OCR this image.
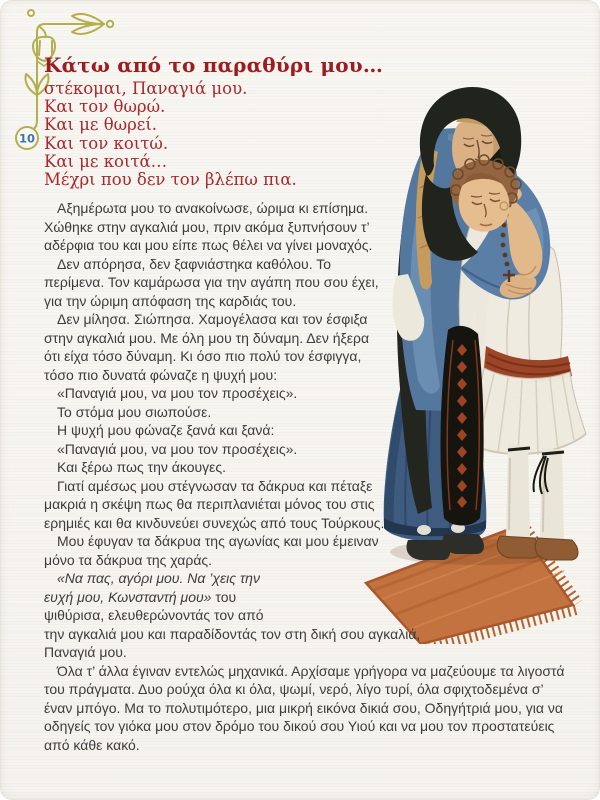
10
Κάτω από το παραθύρι μου…
στέκομαι, Παναγιά μου.
Και τον θωρώ.
Και με θωρεί.
Και τον κοιτώ.
Και με κοιτά…
Μέχρι που δεν τον βλέπω πια.

Αξημέρωτα μου το ανακοίνωσε, ώριμα κι επίσημα. Χώθηκε στην αγκαλιά μου, πριν ακόμα ξυπνήσουν τ’ αδέρφια του και μου είπε πως θέλει να γίνει μοναχός.

Δεν απόρησα, δεν ξαφνιάστηκα καθόλου. Το περίμενα. Τον καμάρωσα για την αγάπη που σου έχει, για την ώριμη απόφαση της καρδιάς του.

Δεν μίλησα. Σιώπησα. Χαμογέλασα και τον έσφιξα στην αγκαλιά μου. Με όλη μου τη δύναμη. Δεν ήξερα ότι είχα τόσο δύναμη. Κι όσο πιο πολύ τον έσφιγγα, τόσο πιο δυνατά φώναζε η ψυχή μου:

«Παναγιά μου, να μου τον προσέχεις».

Το στόμα μου σιωπούσε.

Η ψυχή μου φώναζε ξανά και ξανά:

«Παναγιά μου, να μου τον προσέχεις».

Και ξέρω πως την άκουγες.

Γιατί αμέσως μου στέγνωσαν τα δάκρυα και πέταξε μακριά η σκέψη πως θα περιπλανιέται μόνος του στις ερημιές και θα κινδυνεύει συνεχώς από τους Τούρκους.

Μου έφυγαν τα δάκρυα της αγωνίας και μου έμειναν μόνο τα δάκρυα της χαράς.

«Να πας, αγόρι μου. Να ’χεις την ευχή μου, Κωνσταντή μου» του ψιθύρισα, ελευθερώνοντάς τον από την αγκαλιά μου και παραδίδοντάς τον στη δική σου αγκαλιά, Παναγιά μου.

Όλα τ’ άλλα έγιναν εντελώς μηχανικά. Αρχίσαμε γρήγορα να μαζεύουμε τα λιγοστά του πράγματα. Δυο ρούχα όλα κι όλα, ψωμί, νερό, λίγο τυρί, όλα σφιχτοδεμένα σ’ έναν μπόγο. Μα το πολυτιμότερο, μια μικρή εικόνα δικιά σου, Οδηγήτριά μου, για να οδηγείς τον γιόκα μου στον δρόμο του δικού σου Υιού και να μου τον προστατεύεις από κάθε κακό.
